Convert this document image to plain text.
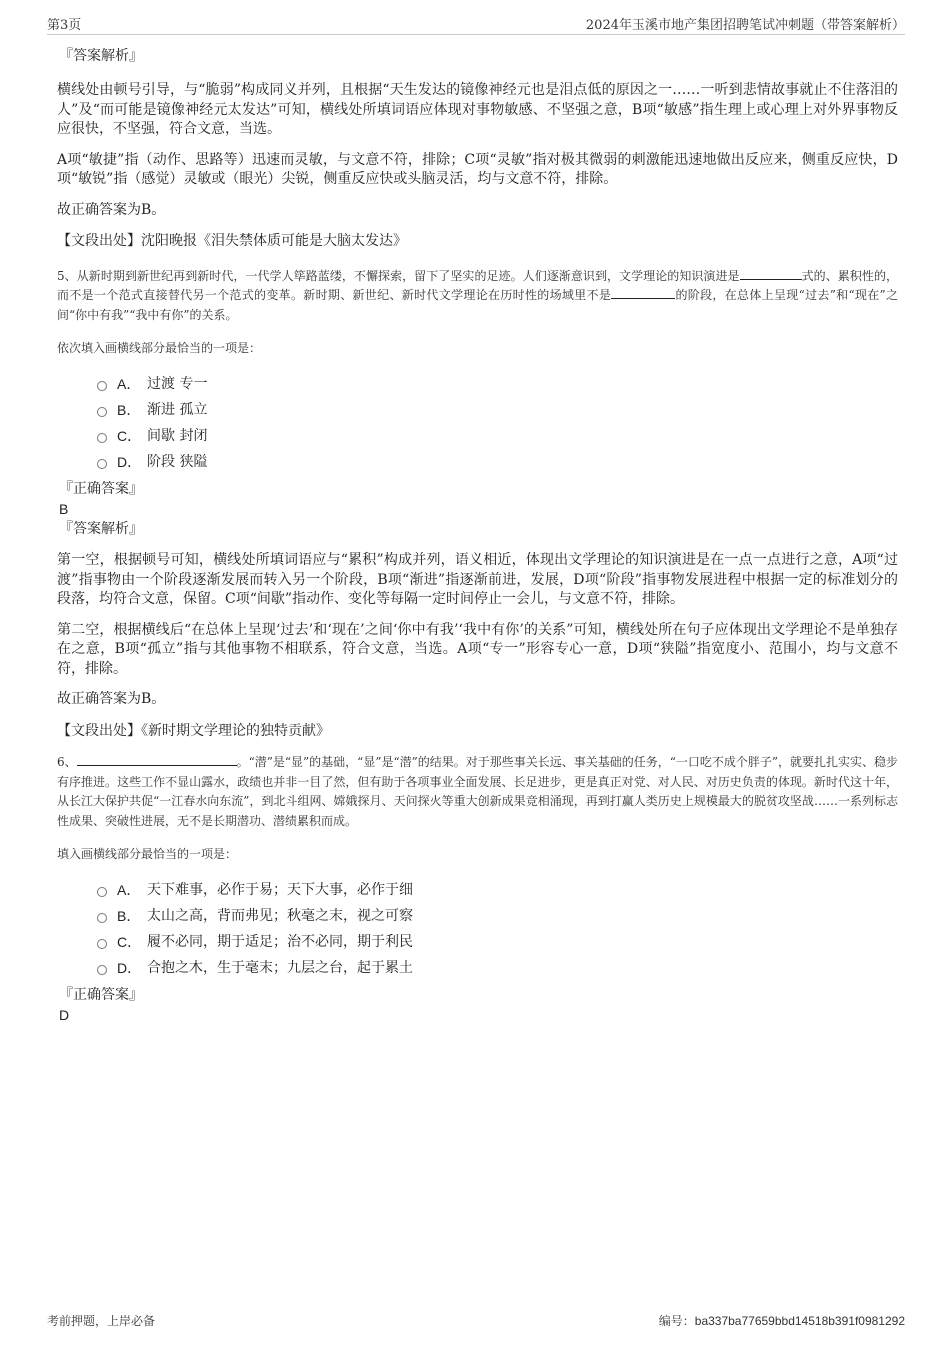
第3页	2024年玉溪市地产集团招聘笔试冲刺题（带答案解析）
『答案解析』

横线处由顿号引导，与“脆弱”构成同义并列，且根据“天生发达的镜像神经元也是泪点低的原因之一……一听到悲情故事就止不住落泪的人”及“而可能是镜像神经元太发达”可知，横线处所填词语应体现对事物敏感、不坚强之意，B项“敏感”指生理上或心理上对外界事物反应很快，不坚强，符合文意，当选。

A项“敏捷”指（动作、思路等）迅速而灵敏，与文意不符，排除；C项“灵敏”指对极其微弱的刺激能迅速地做出反应来，侧重反应快，D项“敏锐”指（感觉）灵敏或（眼光）尖锐，侧重反应快或头脑灵活，均与文意不符，排除。

故正确答案为B。

【文段出处】沈阳晚报《泪失禁体质可能是大脑太发达》

5、从新时期到新世纪再到新时代，一代学人筚路蓝缕，不懈探索，留下了坚实的足迹。人们逐渐意识到，文学理论的知识演进是	式的、累积性的，而不是一个范式直接替代另一个范式的变革。新时期、新世纪、新时代文学理论在历时性的场域里不是	的阶段，在总体上呈现“过去”和“现在”之间“你中有我”“我中有你”的关系。

依次填入画横线部分最恰当的一项是：
A． 过渡 专一
B． 渐进 孤立
C． 间歇 封闭
D． 阶段 狭隘
『正确答案』
B
『答案解析』

第一空，根据顿号可知，横线处所填词语应与“累积”构成并列，语义相近，体现出文学理论的知识演进是在一点一点进行之意，A项“过渡”指事物由一个阶段逐渐发展而转入另一个阶段，B项“渐进”指逐渐前进，发展，D项“阶段”指事物发展进程中根据一定的标准划分的段落，均符合文意，保留。C项“间歇”指动作、变化等每隔一定时间停止一会儿，与文意不符，排除。

第二空，根据横线后“在总体上呈现‘过去’和‘现在’之间‘你中有我’‘我中有你’的关系”可知，横线处所在句子应体现出文学理论不是单独存在之意，B项“孤立”指与其他事物不相联系，符合文意，当选。A项“专一”形容专心一意，D项“狭隘”指宽度小、范围小，均与文意不符，排除。

故正确答案为B。

【文段出处】《新时期文学理论的独特贡献》

6、	。“潜”是“显”的基础，“显”是“潜”的结果。对于那些事关长远、事关基础的任务，“一口吃不成个胖子”，就要扎扎实实、稳步有序推进。这些工作不显山露水，政绩也并非一目了然，但有助于各项事业全面发展、长足进步，更是真正对党、对人民、对历史负责的体现。新时代这十年，从长江大保护共促“一江春水向东流”，到北斗组网、嫦娥探月、天问探火等重大创新成果竞相涌现，再到打赢人类历史上规模最大的脱贫攻坚战……一系列标志性成果、突破性进展，无不是长期潜功、潜绩累积而成。

填入画横线部分最恰当的一项是：
A． 天下难事，必作于易；天下大事，必作于细
B． 太山之高，背而弗见；秋毫之末，视之可察
C． 履不必同，期于适足；治不必同，期于利民
D． 合抱之木，生于毫末；九层之台，起于累土
『正确答案』
D
考前押题，上岸必备	编号：ba337ba77659bbd14518b391f0981292
